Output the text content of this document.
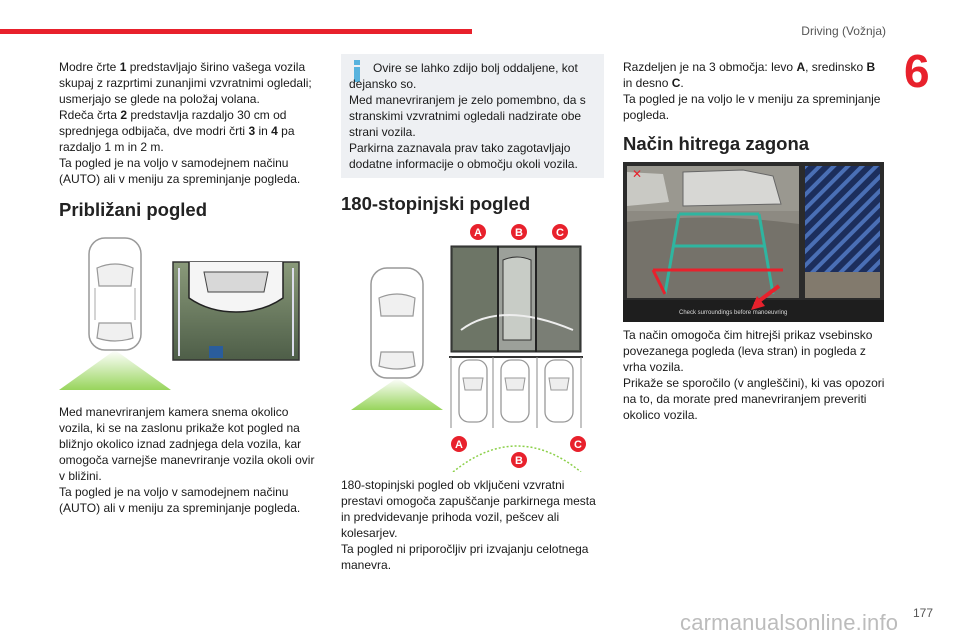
Driving (Vožnja)
6

Modre črte 1 predstavljajo širino vašega vozila skupaj z razprtimi zunanjimi vzvratnimi ogledali; usmerjajo se glede na položaj volana.
Rdeča črta 2 predstavlja razdaljo 30 cm od sprednjega odbijača, dve modri črti 3 in 4 pa razdaljo 1 m in 2 m.
Ta pogled je na voljo v samodejnem načinu (AUTO) ali v meniju za spreminjanje pogleda.

Približani pogled

Med manevriranjem kamera snema okolico vozila, ki se na zaslonu prikaže kot pogled na bližnjo okolico iznad zadnjega dela vozila, kar omogoča varnejše manevriranje vozila okoli ovir v bližini.
Ta pogled je na voljo v samodejnem načinu (AUTO) ali v meniju za spreminjanje pogleda.

Ovire se lahko zdijo bolj oddaljene, kot dejansko so.
Med manevriranjem je zelo pomembno, da s stranskimi vzvratnimi ogledali nadzirate obe strani vozila.
Parkirna zaznavala prav tako zagotavljajo dodatne informacije o območju okoli vozila.

180-stopinjski pogled
A	B	C
A
B
C

180-stopinjski pogled ob vključeni vzvratni prestavi omogoča zapuščanje parkirnega mesta in predvidevanje prihoda vozil, pešcev ali kolesarjev.
Ta pogled ni priporočljiv pri izvajanju celotnega manevra.

Razdeljen je na 3 območja: levo A, sredinsko B in desno C.
Ta pogled je na voljo le v meniju za spreminjanje pogleda.

Način hitrega zagona
✕
Check surroundings before manoeuvring

Ta način omogoča čim hitrejši prikaz vsebinsko povezanega pogleda (leva stran) in pogleda z vrha vozila.
Prikaže se sporočilo (v angleščini), ki vas opozori na to, da morate pred manevriranjem preveriti okolico vozila.

carmanualsonline.info 177
